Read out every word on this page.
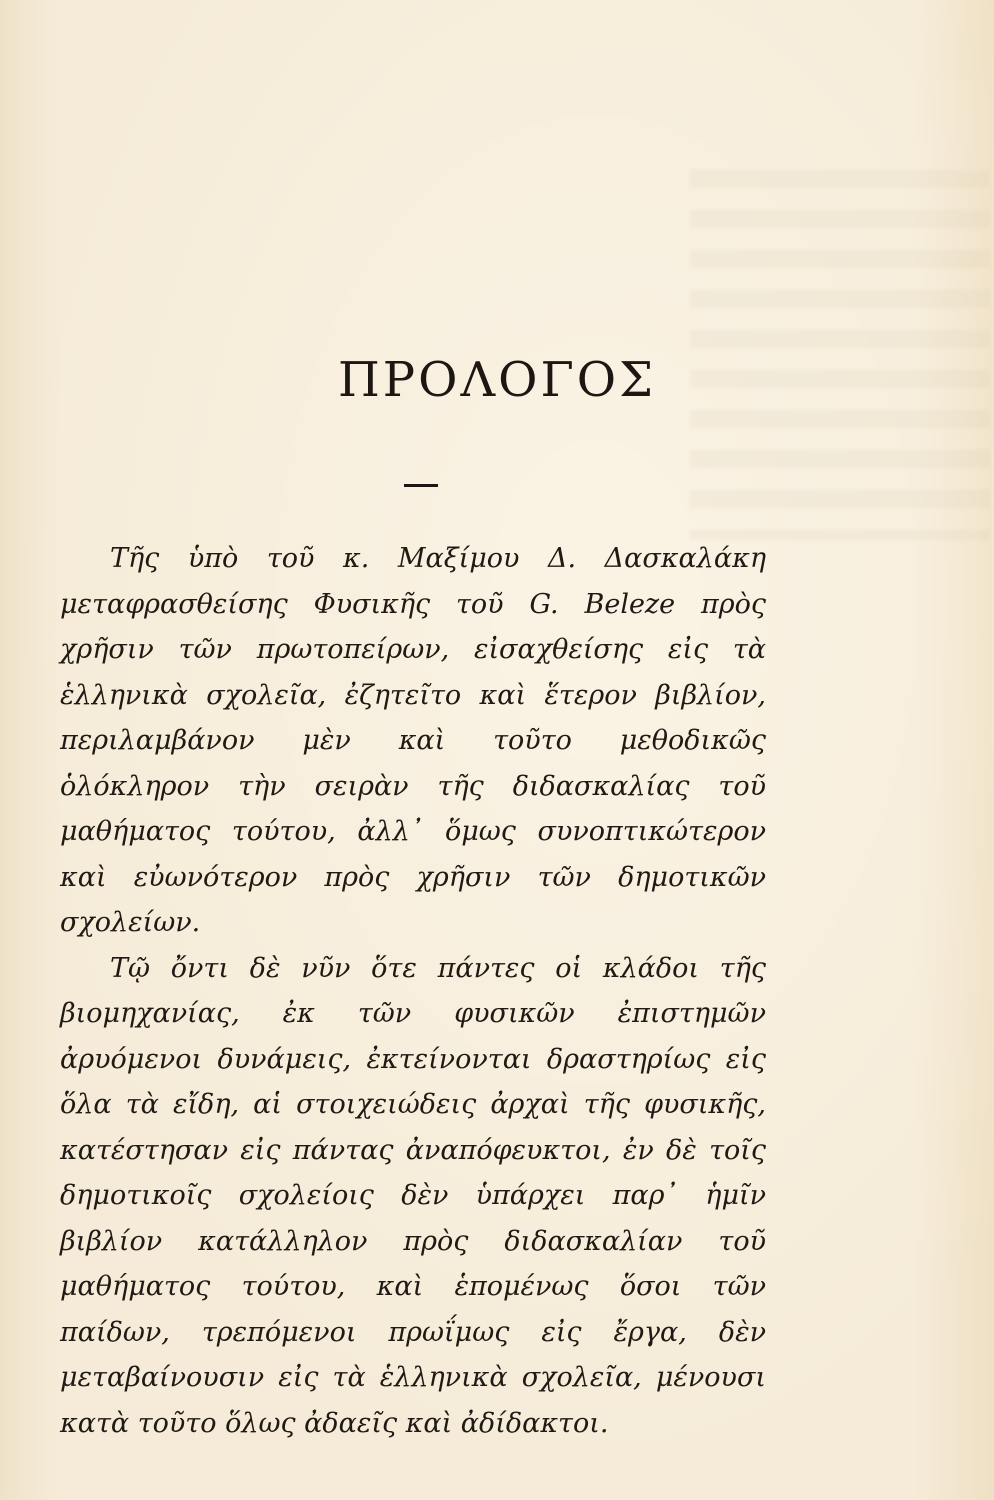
ΠΡΟΛΟΓΟΣ

Τῆς ὑπὸ τοῦ κ. Μαξίμου Δ. Δασκαλάκη μεταφρασθείσης Φυσικῆς τοῦ G. Beleze πρὸς χρῆσιν τῶν πρωτοπείρων, εἰσαχθείσης εἰς τὰ ἑλληνικὰ σχολεῖα, ἐζητεῖτο καὶ ἕτερον βιβλίον, περιλαμβάνον μὲν καὶ τοῦτο μεθοδικῶς ὁλόκληρον τὴν σειρὰν τῆς διδασκαλίας τοῦ μαθήματος τούτου, ἀλλ᾽ ὅμως συνοπτικώτερον καὶ εὐωνότερον πρὸς χρῆσιν τῶν δημοτικῶν σχολείων.

Τῷ ὄντι δὲ νῦν ὅτε πάντες οἱ κλάδοι τῆς βιομηχανίας, ἐκ τῶν φυσικῶν ἐπιστημῶν ἀρυόμενοι δυνάμεις, ἐκτείνονται δραστηρίως εἰς ὅλα τὰ εἴδη, αἱ στοιχειώδεις ἀρχαὶ τῆς φυσικῆς, κατέστησαν εἰς πάντας ἀναπόφευκτοι, ἐν δὲ τοῖς δημοτικοῖς σχολείοις δὲν ὑπάρχει παρ᾽ ἡμῖν βιβλίον κατάλληλον πρὸς διδασκαλίαν τοῦ μαθήματος τούτου, καὶ ἑπομένως ὅσοι τῶν παίδων, τρεπόμενοι πρωΐμως εἰς ἔργα, δὲν μεταβαίνουσιν εἰς τὰ ἑλληνικὰ σχολεῖα, μένουσι κατὰ τοῦτο ὅλως ἀδαεῖς καὶ ἀδίδακτοι.
